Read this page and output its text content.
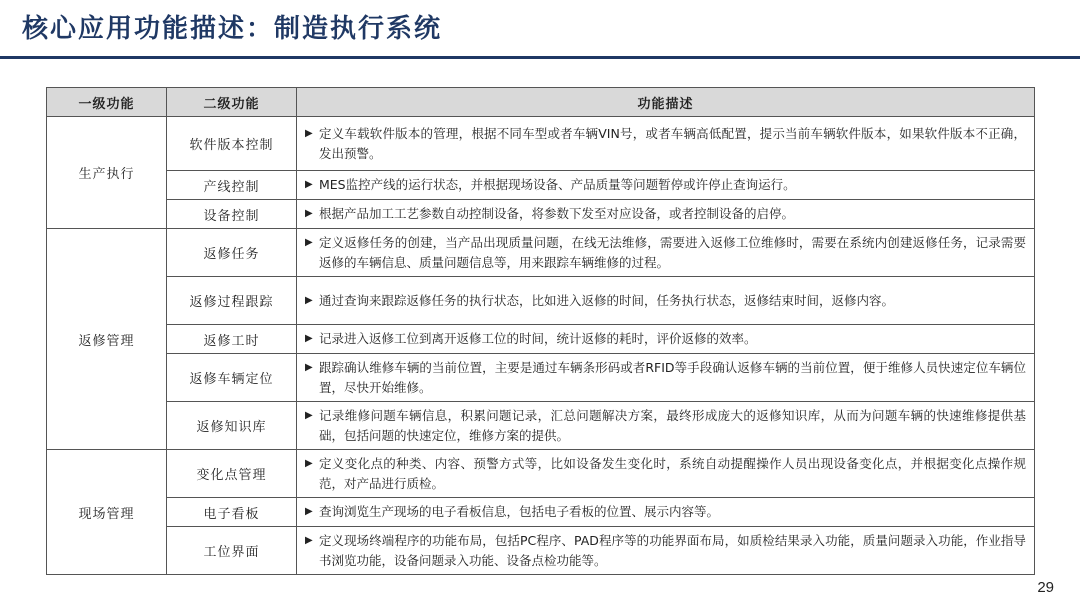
核心应用功能描述：制造执行系统
一级功能	二级功能	功能描述
生产执行	软件版本控制	▶ 定义车载软件版本的管理，根据不同车型或者车辆VIN号，或者车辆高低配置，提示当前车辆软件版本，如果软件版本不正确，发出预警。

	产线控制	▶ MES监控产线的运行状态，并根据现场设备、产品质量等问题暂停或许停止查询运行。

	设备控制	▶ 根据产品加工工艺参数自动控制设备，将参数下发至对应设备，或者控制设备的启停。

返修管理	返修任务	▶ 定义返修任务的创建，当产品出现质量问题，在线无法维修，需要进入返修工位维修时，需要在系统内创建返修任务，记录需要返修的车辆信息、质量问题信息等，用来跟踪车辆维修的过程。

	返修过程跟踪	▶ 通过查询来跟踪返修任务的执行状态，比如进入返修的时间，任务执行状态，返修结束时间，返修内容。

	返修工时	▶ 记录进入返修工位到离开返修工位的时间，统计返修的耗时，评价返修的效率。

	返修车辆定位	▶ 跟踪确认维修车辆的当前位置，主要是通过车辆条形码或者RFID等手段确认返修车辆的当前位置，便于维修人员快速定位车辆位置，尽快开始维修。

	返修知识库	▶ 记录维修问题车辆信息，积累问题记录，汇总问题解决方案，最终形成庞大的返修知识库，从而为问题车辆的快速维修提供基础，包括问题的快速定位，维修方案的提供。

现场管理	变化点管理	▶ 定义变化点的种类、内容、预警方式等，比如设备发生变化时，系统自动提醒操作人员出现设备变化点，并根据变化点操作规范，对产品进行质检。

	电子看板	▶ 查询浏览生产现场的电子看板信息，包括电子看板的位置、展示内容等。

	工位界面	▶ 定义现场终端程序的功能布局，包括PC程序、PAD程序等的功能界面布局，如质检结果录入功能，质量问题录入功能，作业指导书浏览功能，设备问题录入功能、设备点检功能等。
29
